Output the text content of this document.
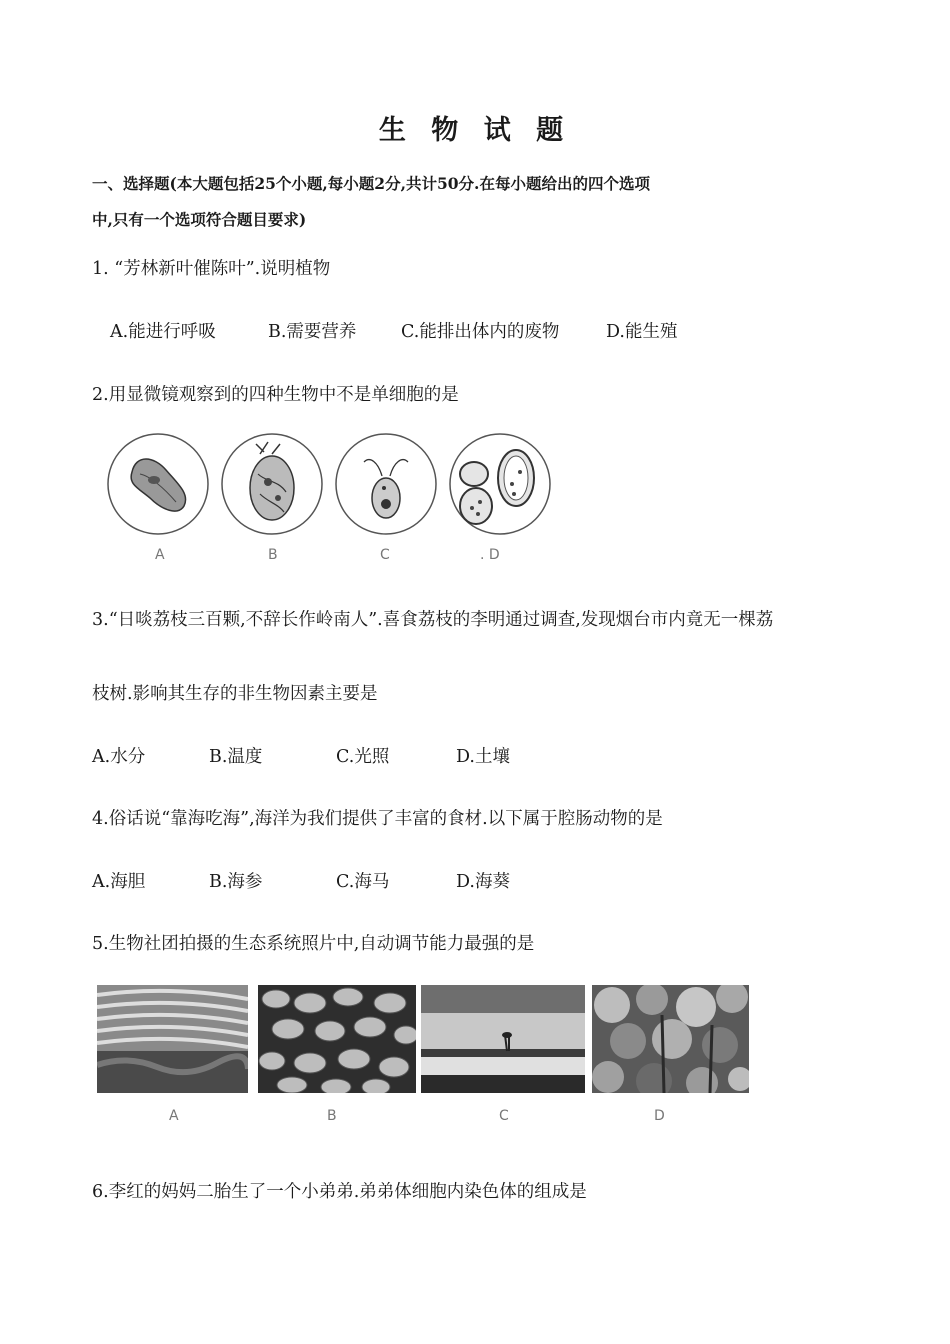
生 物 试 题
一、选择题(本大题包括25个小题,每小题2分,共计50分.在每小题给出的四个选项
中,只有一个选项符合题目要求)
1. “芳林新叶催陈叶”.说明植物
A.能进行呼吸	B.需要营养	C.能排出体内的废物	D.能生殖
2.用显微镜观察到的四种生物中不是单细胞的是
A	B	C	. D
3.“日啖荔枝三百颗,不辞长作岭南人”.喜食荔枝的李明通过调查,发现烟台市内竟无一棵荔
枝树.影响其生存的非生物因素主要是
A.水分	B.温度	C.光照	D.土壤
4.俗话说“靠海吃海”,海洋为我们提供了丰富的食材.以下属于腔肠动物的是
A.海胆	B.海参	C.海马	D.海葵
5.生物社团拍摄的生态系统照片中,自动调节能力最强的是
A	B	C	D
6.李红的妈妈二胎生了一个小弟弟.弟弟体细胞内染色体的组成是
